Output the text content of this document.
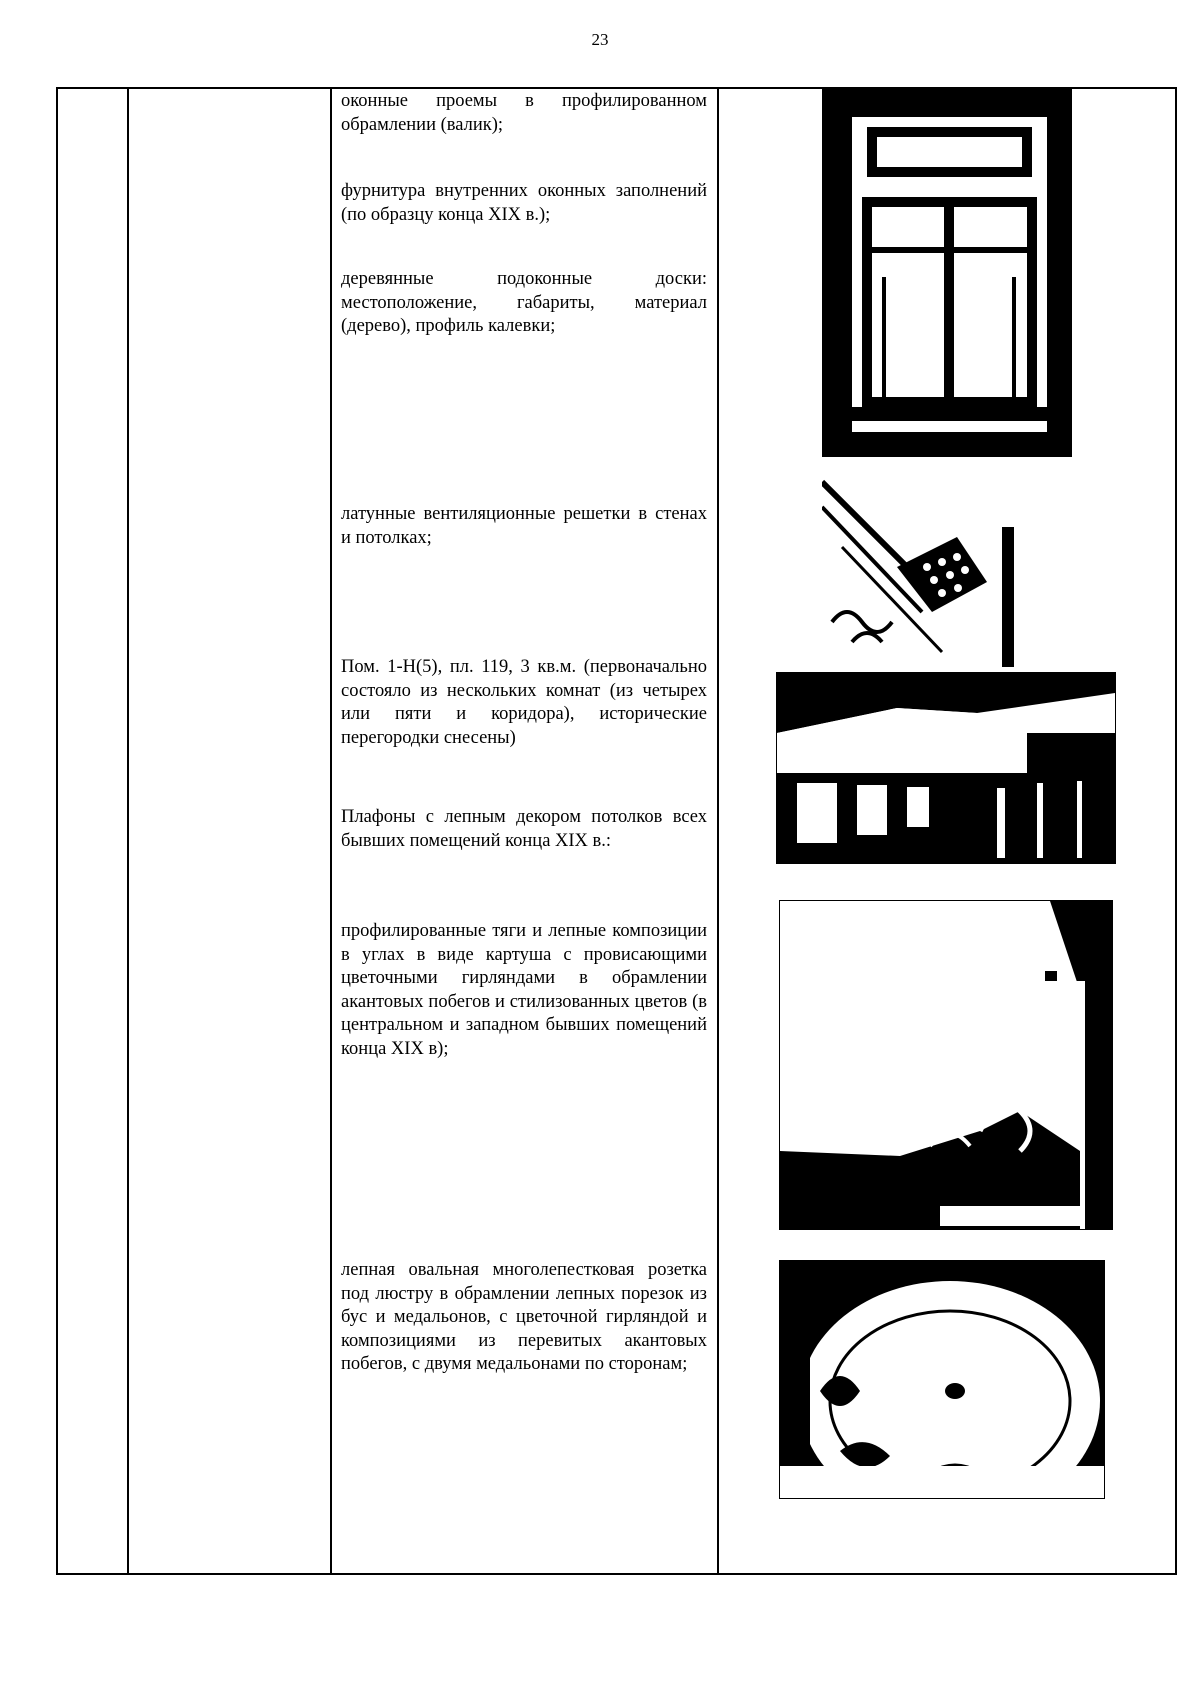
23
оконные проемы в профилированном обрамлении (валик);
фурнитура внутренних оконных заполнений (по образцу конца XIX в.);
деревянные подоконные доски: местоположение, габариты, материал (дерево), профиль калевки;
латунные вентиляционные решетки в стенах и потолках;
Пом. 1-Н(5), пл. 119, 3 кв.м. (первоначально состояло из нескольких комнат (из четырех или пяти и коридора), исторические перегородки снесены)
Плафоны с лепным декором потолков всех бывших помещений конца XIX в.:
профилированные тяги и лепные композиции в углах в виде картуша с провисающими цветочными гирляндами в обрамлении акантовых побегов и стилизованных цветов (в центральном и западном бывших помещений конца XIX в);
лепная овальная многолепестковая розетка под люстру в обрамлении лепных порезок из бус и медальонов, с цветочной гирляндой и композициями из перевитых акантовых побегов, с двумя медальонами по сторонам;
